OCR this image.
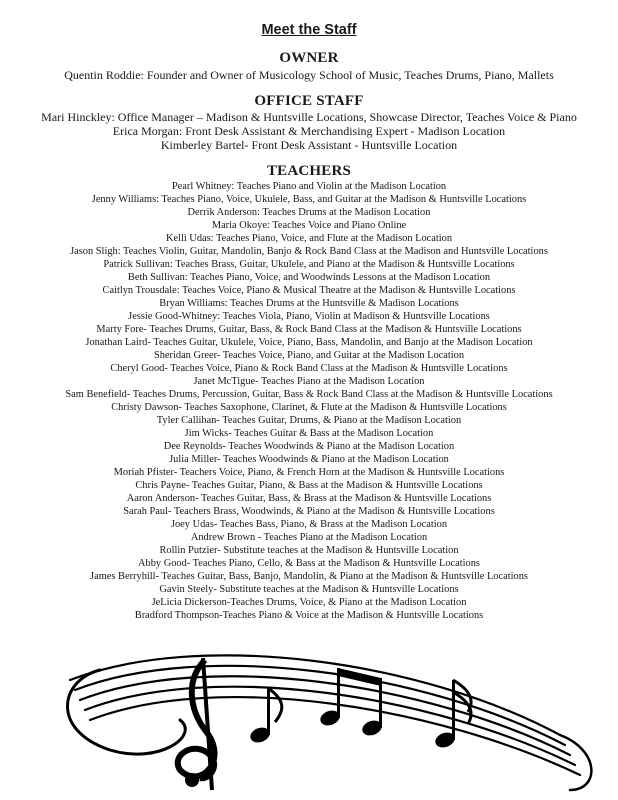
Meet the Staff
OWNER
Quentin Roddie: Founder and Owner of Musicology School of Music, Teaches Drums, Piano, Mallets
OFFICE STAFF
Mari Hinckley: Office Manager – Madison & Huntsville Locations, Showcase Director, Teaches Voice & Piano
Erica Morgan: Front Desk Assistant & Merchandising Expert - Madison Location
Kimberley Bartel- Front Desk Assistant - Huntsville Location
TEACHERS
Pearl Whitney: Teaches Piano and Violin at the Madison Location
Jenny Williams: Teaches Piano, Voice, Ukulele, Bass, and Guitar at the Madison & Huntsville Locations
Derrik Anderson: Teaches Drums at the Madison Location
Maria Okoye: Teaches Voice and Piano Online
Kelli Udas: Teaches Piano, Voice, and Flute at the Madison Location
Jason Sligh: Teaches Violin, Guitar, Mandolin, Banjo & Rock Band Class at the Madison and Huntsville Locations
Patrick Sullivan: Teaches Brass, Guitar, Ukulele, and Piano at the Madison & Huntsville Locations
Beth Sullivan: Teaches Piano, Voice, and Woodwinds Lessons at the Madison Location
Caitlyn Trousdale: Teaches Voice, Piano & Musical Theatre at the Madison & Huntsville Locations
Bryan Williams: Teaches Drums at the Huntsville & Madison Locations
Jessie Good-Whitney: Teaches Viola, Piano, Violin at Madison & Huntsville Locations
Marty Fore- Teaches Drums, Guitar, Bass, & Rock Band Class at the Madison & Huntsville Locations
Jonathan Laird- Teaches Guitar, Ukulele, Voice, Piano, Bass, Mandolin, and Banjo at the Madison Location
Sheridan Greer- Teaches Voice, Piano, and Guitar at the Madison Location
Cheryl Good- Teaches Voice, Piano & Rock Band Class at the Madison & Huntsville Locations
Janet McTigue- Teaches Piano at the Madison Location
Sam Benefield- Teaches Drums, Percussion, Guitar, Bass & Rock Band Class at the Madison & Huntsville Locations
Christy Dawson- Teaches Saxophone, Clarinet, & Flute at the Madison & Huntsville Locations
Tyler Callihan- Teaches Guitar, Drums, & Piano at the Madison Location
Jim Wicks- Teaches Guitar & Bass at the Madison Location
Dee Reynolds- Teaches Woodwinds & Piano at the Madison Location
Julia Miller- Teaches Woodwinds & Piano at the Madison Location
Moriah Pfister- Teachers Voice, Piano, & French Horn at the Madison & Huntsville Locations
Chris Payne- Teaches Guitar, Piano, & Bass at the Madison & Huntsville Locations
Aaron Anderson- Teaches Guitar, Bass, & Brass at the Madison & Huntsville Locations
Sarah Paul- Teachers Brass, Woodwinds, & Piano at the Madison & Huntsville Locations
Joey Udas- Teaches Bass, Piano, & Brass at the Madison Location
Andrew Brown - Teaches Piano at the Madison Location
Rollin Putzier- Substitute teaches at the Madison & Huntsville Location
Abby Good- Teaches Piano, Cello, & Bass at the Madison & Huntsville Locations
James Berryhill- Teaches Guitar, Bass, Banjo, Mandolin, & Piano at the Madison & Huntsville Locations
Gavin Steely- Substitute teaches at the Madison & Huntsville Locations
JeLicia Dickerson-Teaches Drums, Voice, & Piano at the Madison Location
Bradford Thompson-Teaches Piano & Voice at the Madison & Huntsville Locations
